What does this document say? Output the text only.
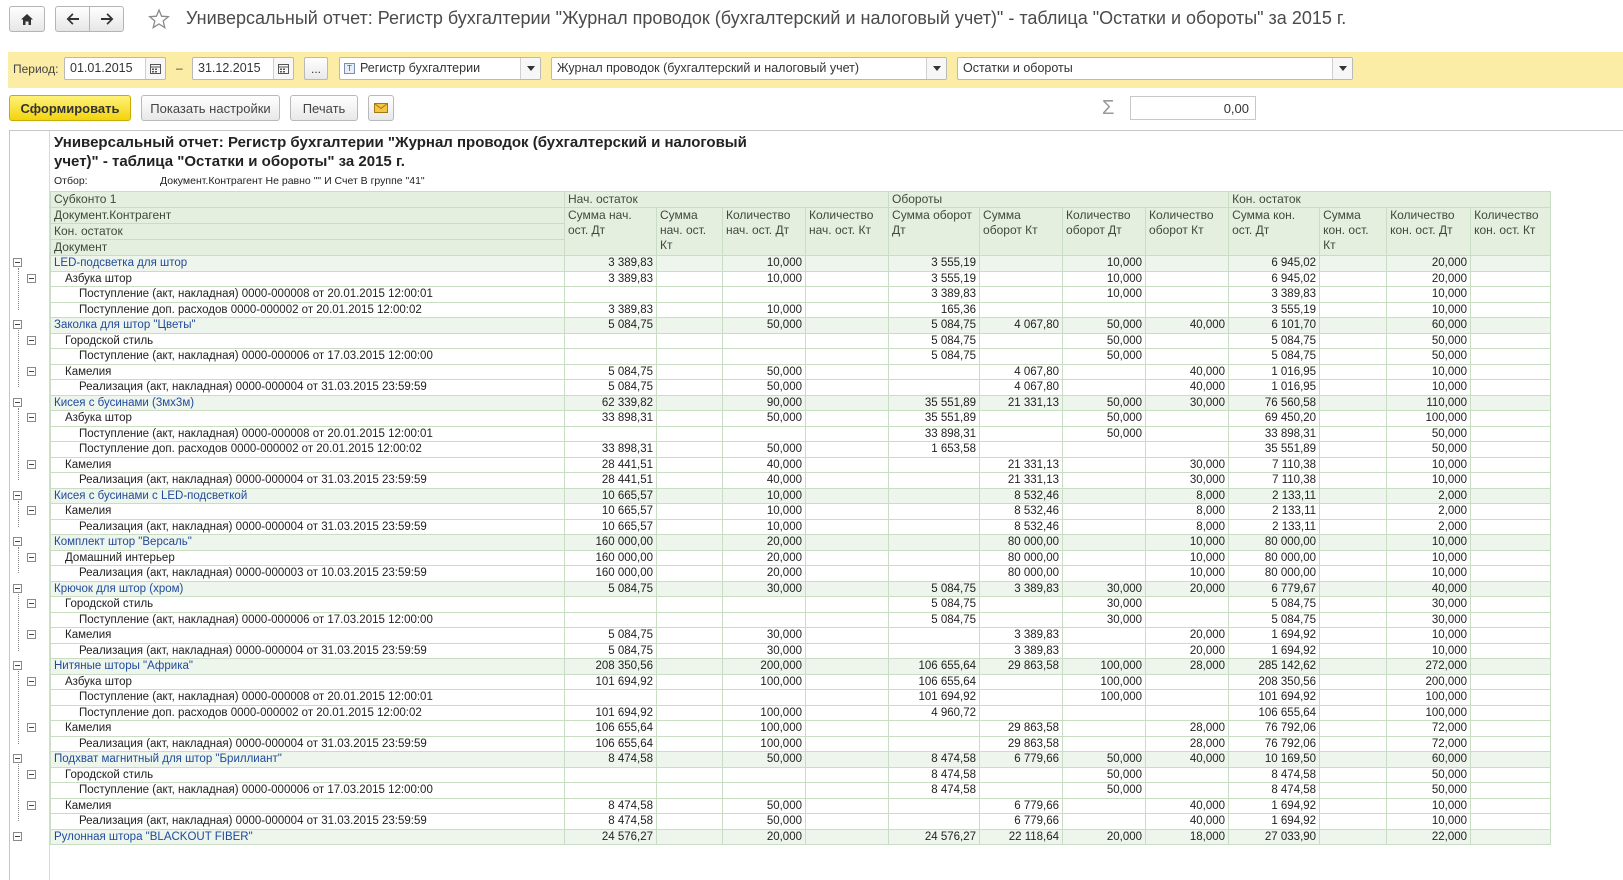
Универсальный отчет: Регистр бухгалтерии "Журнал проводок (бухгалтерский и налоговый учет)" - таблица "Остатки и обороты" за 2015 г.
Период: 01.01.2015	–	31.12.2015	...	Т Регистр бухгалтерии	Журнал проводок (бухгалтерский и налоговый учет)	Остатки и обороты
Сформировать	Показать настройки	Печать	Σ	0,00
Универсальный отчет: Регистр бухгалтерии "Журнал проводок (бухгалтерский и налоговый
учет)" - таблица "Остатки и обороты" за 2015 г.
Отбор:	Документ.Контрагент Не равно "" И Счет В группе "41"
Субконто 1	Нач. остаток				Обороты				Кон. остаток			
Документ.Контрагент	Сумма нач. ост. Дт	Сумма нач. ост. Кт	Количество нач. ост. Дт	Количество нач. ост. Кт	Сумма оборот Дт	Сумма оборот Кт	Количество оборот Дт	Количество оборот Кт	Сумма кон. ост. Дт	Сумма кон. ост. Кт	Количество кон. ост. Дт	Количество кон. ост. Кт
Кон. остаток												
Документ												
LED-подсветка для штор	3 389,83		10,000		3 555,19		10,000		6 945,02		20,000	
Азбука штор	3 389,83		10,000		3 555,19		10,000		6 945,02		20,000	
Поступление (акт, накладная) 0000-000008 от 20.01.2015 12:00:01					3 389,83		10,000		3 389,83		10,000	
Поступление доп. расходов 0000-000002 от 20.01.2015 12:00:02	3 389,83		10,000		165,36				3 555,19		10,000	
Заколка для штор "Цветы"	5 084,75		50,000		5 084,75	4 067,80	50,000	40,000	6 101,70		60,000	
Городской стиль					5 084,75		50,000		5 084,75		50,000	
Поступление (акт, накладная) 0000-000006 от 17.03.2015 12:00:00					5 084,75		50,000		5 084,75		50,000	
Камелия	5 084,75		50,000			4 067,80		40,000	1 016,95		10,000	
Реализация (акт, накладная) 0000-000004 от 31.03.2015 23:59:59	5 084,75		50,000			4 067,80		40,000	1 016,95		10,000	
Кисея с бусинами (3мх3м)	62 339,82		90,000		35 551,89	21 331,13	50,000	30,000	76 560,58		110,000	
Азбука штор	33 898,31		50,000		35 551,89		50,000		69 450,20		100,000	
Поступление (акт, накладная) 0000-000008 от 20.01.2015 12:00:01					33 898,31		50,000		33 898,31		50,000	
Поступление доп. расходов 0000-000002 от 20.01.2015 12:00:02	33 898,31		50,000		1 653,58				35 551,89		50,000	
Камелия	28 441,51		40,000			21 331,13		30,000	7 110,38		10,000	
Реализация (акт, накладная) 0000-000004 от 31.03.2015 23:59:59	28 441,51		40,000			21 331,13		30,000	7 110,38		10,000	
Кисея с бусинами с LED-подсветкой	10 665,57		10,000			8 532,46		8,000	2 133,11		2,000	
Камелия	10 665,57		10,000			8 532,46		8,000	2 133,11		2,000	
Реализация (акт, накладная) 0000-000004 от 31.03.2015 23:59:59	10 665,57		10,000			8 532,46		8,000	2 133,11		2,000	
Комплект штор "Версаль"	160 000,00		20,000			80 000,00		10,000	80 000,00		10,000	
Домашний интерьер	160 000,00		20,000			80 000,00		10,000	80 000,00		10,000	
Реализация (акт, накладная) 0000-000003 от 10.03.2015 23:59:59	160 000,00		20,000			80 000,00		10,000	80 000,00		10,000	
Крючок для штор (хром)	5 084,75		30,000		5 084,75	3 389,83	30,000	20,000	6 779,67		40,000	
Городской стиль					5 084,75		30,000		5 084,75		30,000	
Поступление (акт, накладная) 0000-000006 от 17.03.2015 12:00:00					5 084,75		30,000		5 084,75		30,000	
Камелия	5 084,75		30,000			3 389,83		20,000	1 694,92		10,000	
Реализация (акт, накладная) 0000-000004 от 31.03.2015 23:59:59	5 084,75		30,000			3 389,83		20,000	1 694,92		10,000	
Нитяные шторы "Африка"	208 350,56		200,000		106 655,64	29 863,58	100,000	28,000	285 142,62		272,000	
Азбука штор	101 694,92		100,000		106 655,64		100,000		208 350,56		200,000	
Поступление (акт, накладная) 0000-000008 от 20.01.2015 12:00:01					101 694,92		100,000		101 694,92		100,000	
Поступление доп. расходов 0000-000002 от 20.01.2015 12:00:02	101 694,92		100,000		4 960,72				106 655,64		100,000	
Камелия	106 655,64		100,000			29 863,58		28,000	76 792,06		72,000	
Реализация (акт, накладная) 0000-000004 от 31.03.2015 23:59:59	106 655,64		100,000			29 863,58		28,000	76 792,06		72,000	
Подхват магнитный для штор "Бриллиант"	8 474,58		50,000		8 474,58	6 779,66	50,000	40,000	10 169,50		60,000	
Городской стиль					8 474,58		50,000		8 474,58		50,000	
Поступление (акт, накладная) 0000-000006 от 17.03.2015 12:00:00					8 474,58		50,000		8 474,58		50,000	
Камелия	8 474,58		50,000			6 779,66		40,000	1 694,92		10,000	
Реализация (акт, накладная) 0000-000004 от 31.03.2015 23:59:59	8 474,58		50,000			6 779,66		40,000	1 694,92		10,000	
Рулонная штора "BLACKOUT FIBER"	24 576,27		20,000		24 576,27	22 118,64	20,000	18,000	27 033,90		22,000	
